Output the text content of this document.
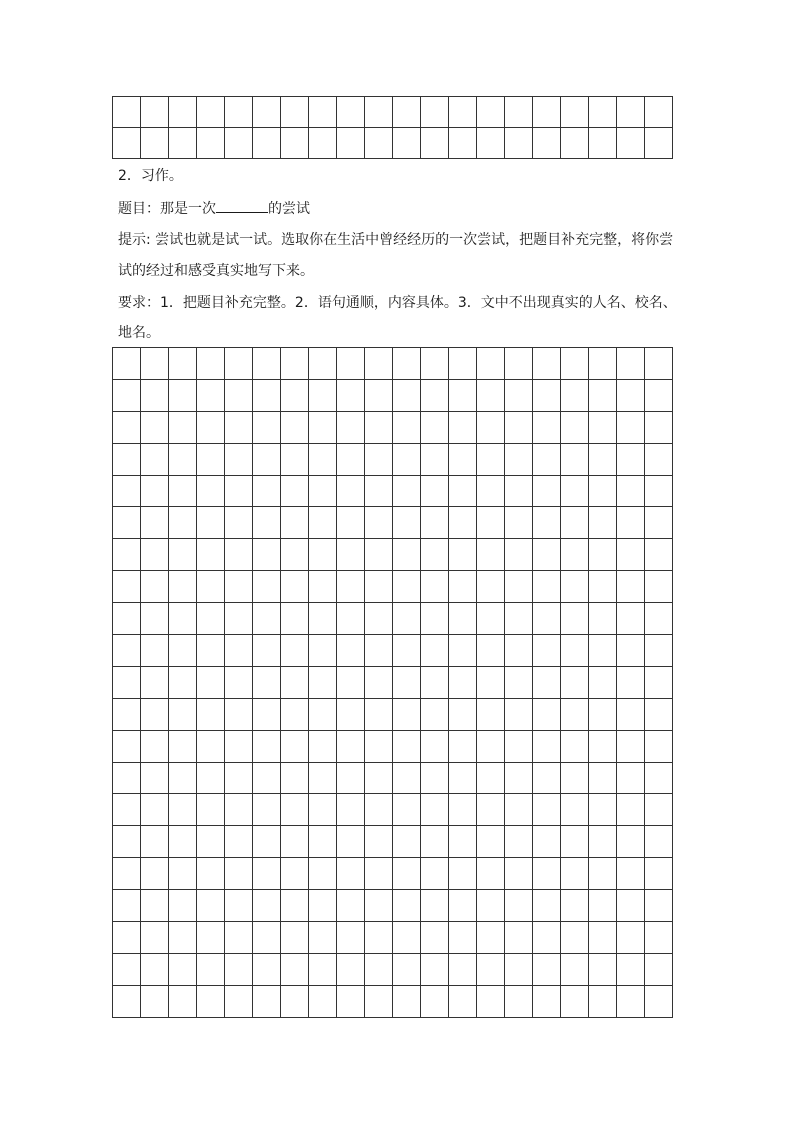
2．习作。
题目：那是一次	的尝试
提示: 尝试也就是试一试。选取你在生活中曾经经历的一次尝试，把题目补充完整，将你尝
试的经过和感受真实地写下来。
要求：1．把题目补充完整。2．语句通顺，内容具体。3．文中不出现真实的人名、校名、
地名。
